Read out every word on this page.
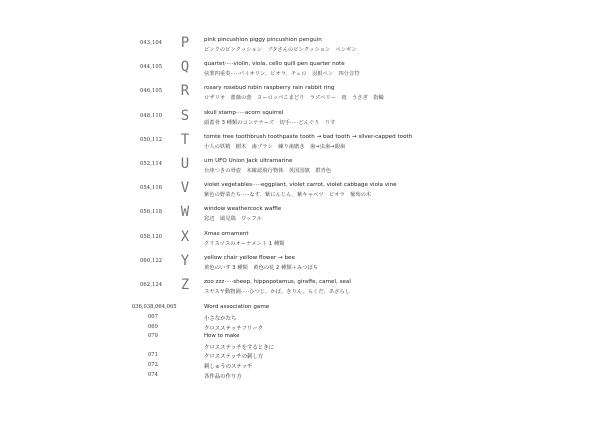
043,104	P	pink pincushion piggy pincushion penguin
ピンクのピンクッション　ブタさんのピンクッション　ペンギン
044,105	Q	quartet·····violin, viola, cello quill pen quarter note
弦楽四重奏·····バイオリン、ビオラ、チェロ　羽根ペン　四分音符
046,105	R	rosary rosebud robin raspberry rain rabbit ring
ロザリオ　薔薇の蕾　ヨーロッパこまどり　ラズベリー　雨　うさぎ　指輪
048,110	S	skull stamp·····acorn squirrel
頭蓋骨 3 種類のコンテナーズ　切手·····どんぐり　りす
050,112	T	tomte tree toothbrush toothpaste tooth → bad tooth → silver-capped tooth
小人の妖精　樹木　歯ブラシ　練り歯磨き　歯→虫歯→銀歯
052,114	U	urn UFO Union Jack ultramarine
台座つきの骨壺　未確認飛行物体　英国国旗　群青色
054,116	V	violet vegetables·····eggplant, violet carrot, violet cabbage viola vine
紫色の野菜たち·····なす、紫にんじん、紫キャベツ　ビオラ　葡萄の木
056,118	W	window weathercock waffle
窓辺　風見鶏　ワッフル
058,120	X	Xmas ornament
クリスマスのオーナメント 1 種類
060,122	Y	yellow chair yellow flower → bee
黄色のいす 3 種類　黄色の花 2 種類＋みつばち
062,124	Z	zoo zzz·····sheep, hippopotamus, giraffe, camel, seal
スヤスヤ動物園·····ひつじ、かば、きりん、らくだ、あざらし
036,038,064,065	Word association game
007	小さなかたち
069	クロスステッチフリーク
070	How to make
クロスステッチをするときに
071	クロスステッチの刺し方
072	刺しゅうのステッチ
074	各作品の作り方
